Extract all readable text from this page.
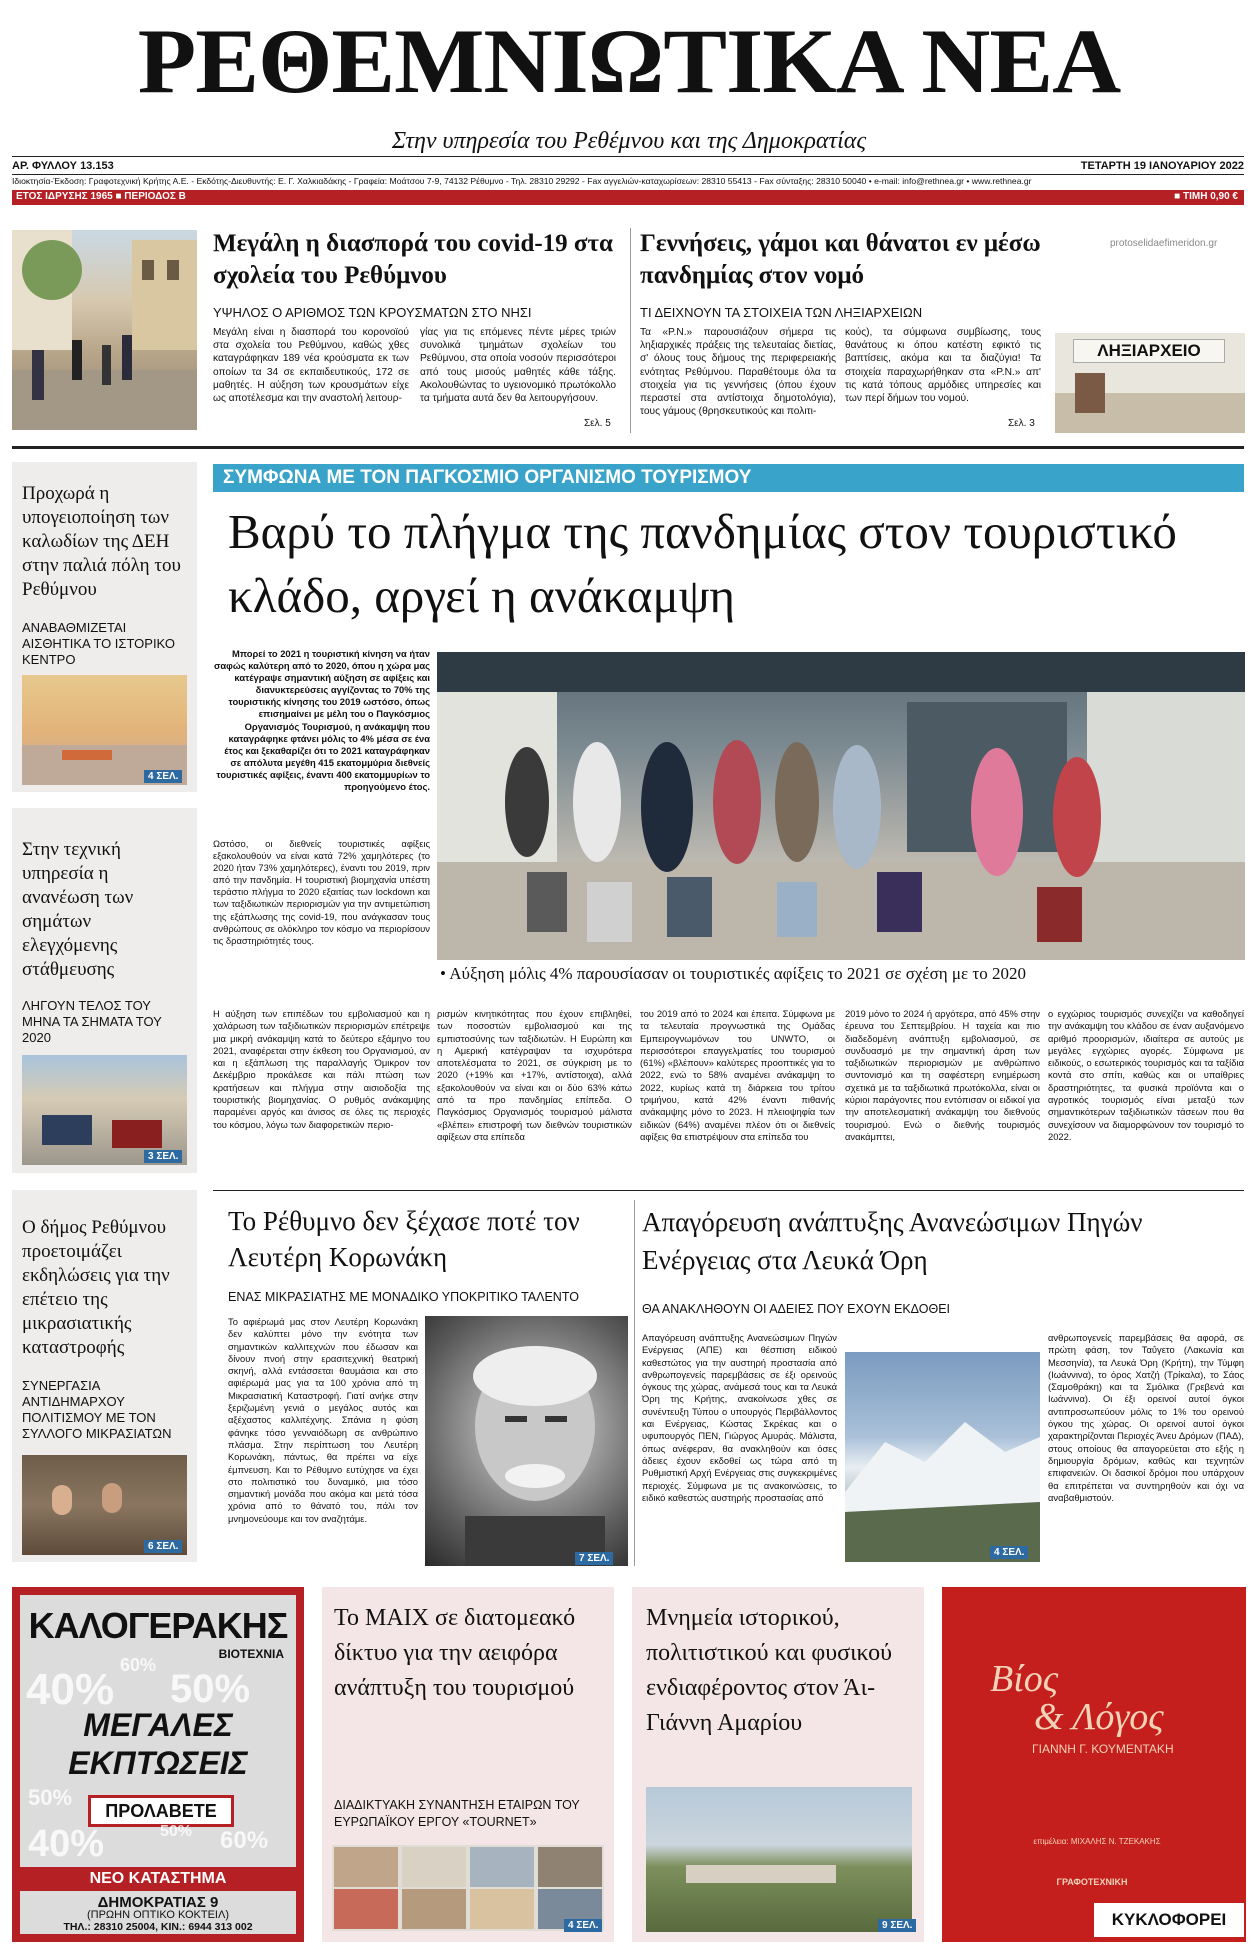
ΡΕΘΕΜΝΙΩΤΙΚΑ ΝΕΑ
Στην υπηρεσία του Ρεθέμνου και της Δημοκρατίας
ΑΡ. ΦΥΛΛΟΥ 13.153	ΤΕΤΑΡΤΗ 19 ΙΑΝΟΥΑΡΙΟΥ 2022
Ιδιοκτησία-Έκδοση: Γραφοτεχνική Κρήτης Α.Ε. - Εκδότης-Διευθυντής: Ε. Γ. Χαλκιαδάκης - Γραφεία: Μοάτσου 7-9, 74132 Ρέθυμνο - Τηλ. 28310 29292 - Fax αγγελιών-καταχωρίσεων: 28310 55413 - Fax σύνταξης: 28310 50040 • e-mail: info@rethnea.gr • www.rethnea.gr
ΕΤΟΣ ΙΔΡΥΣΗΣ 1965 ■ ΠΕΡΙΟΔΟΣ Β	■ ΤΙΜΗ 0,90 €
Μεγάλη η διασπορά του covid-19 στα σχολεία του Ρεθύμνου
ΥΨΗΛΟΣ Ο ΑΡΙΘΜΟΣ ΤΩΝ ΚΡΟΥΣΜΑΤΩΝ ΣΤΟ ΝΗΣΙ
Μεγάλη είναι η διασπορά του κορονοϊού στα σχολεία του Ρεθύμνου, καθώς χθες καταγράφηκαν 189 νέα κρούσματα εκ των οποίων τα 34 σε εκπαιδευτικούς, 172 σε μαθητές. Η αύξηση των κρουσμάτων είχε ως αποτέλεσμα και την αναστολή λειτουρ-
γίας για τις επόμενες πέντε μέρες τριών συνολικά τμημάτων σχολείων του Ρεθύμνου, στα οποία νοσούν περισσότεροι από τους μισούς μαθητές κάθε τάξης. Ακολουθώντας το υγειονομικό πρωτόκολλο τα τμήματα αυτά δεν θα λειτουργήσουν.
Σελ. 5
Γεννήσεις, γάμοι και θάνατοι εν μέσω πανδημίας στον νομό
protoselidaefimeridon.gr
ΤΙ ΔΕΙΧΝΟΥΝ ΤΑ ΣΤΟΙΧΕΙΑ ΤΩΝ ΛΗΞΙΑΡΧΕΙΩΝ
Τα «Ρ.Ν.» παρουσιάζουν σήμερα τις ληξιαρχικές πράξεις της τελευταίας διετίας, σ' όλους τους δήμους της περιφερειακής ενότητας Ρεθύμνου. Παραθέτουμε όλα τα στοιχεία για τις γεννήσεις (όπου έχουν περαστεί στα αντίστοιχα δημοτολόγια), τους γάμους (θρησκευτικούς και πολιτι-
κούς), τα σύμφωνα συμβίωσης, τους θανάτους κι όπου κατέστη εφικτό τις βαπτίσεις, ακόμα και τα διαζύγια! Τα στοιχεία παραχωρήθηκαν στα «Ρ.Ν.» απ' τις κατά τόπους αρμόδιες υπηρεσίες και των περί δήμων του νομού.
Σελ. 3
ΛΗΞΙΑΡΧΕΙΟ
Προχωρά η υπογειοποίηση των καλωδίων της ΔΕΗ στην παλιά πόλη του Ρεθύμνου
ΑΝΑΒΑΘΜΙΖΕΤΑΙ ΑΙΣΘΗΤΙΚΑ ΤΟ ΙΣΤΟΡΙΚΟ ΚΕΝΤΡΟ
4 ΣΕΛ.
Στην τεχνική υπηρεσία η ανανέωση των σημάτων ελεγχόμενης στάθμευσης
ΛΗΓΟΥΝ ΤΕΛΟΣ ΤΟΥ ΜΗΝΑ ΤΑ ΣΗΜΑΤΑ ΤΟΥ 2020
3 ΣΕΛ.
Ο δήμος Ρεθύμνου προετοιμάζει εκδηλώσεις για την επέτειο της μικρασιατικής καταστροφής
ΣΥΝΕΡΓΑΣΙΑ ΑΝΤΙΔΗΜΑΡΧΟΥ ΠΟΛΙΤΙΣΜΟΥ ΜΕ ΤΟΝ ΣΥΛΛΟΓΟ ΜΙΚΡΑΣΙΑΤΩΝ
6 ΣΕΛ.
ΣΥΜΦΩΝΑ ΜΕ ΤΟΝ ΠΑΓΚΟΣΜΙΟ ΟΡΓΑΝΙΣΜΟ ΤΟΥΡΙΣΜΟΥ
Βαρύ το πλήγμα της πανδημίας στον τουριστικό κλάδο, αργεί η ανάκαμψη
Μπορεί το 2021 η τουριστική κίνηση να ήταν σαφώς καλύτερη από το 2020, όπου η χώρα μας κατέγραψε σημαντική αύξηση σε αφίξεις και διανυκτερεύσεις αγγίζοντας το 70% της τουριστικής κίνησης του 2019 ωστόσο, όπως επισημαίνει με μέλη του ο Παγκόσμιος Οργανισμός Τουρισμού, η ανάκαμψη που καταγράφηκε φτάνει μόλις το 4% μέσα σε ένα έτος και ξεκαθαρίζει ότι το 2021 καταγράφηκαν σε απόλυτα μεγέθη 415 εκατομμύρια διεθνείς τουριστικές αφίξεις, έναντι 400 εκατομμυρίων το προηγούμενο έτος.
Ωστόσο, οι διεθνείς τουριστικές αφίξεις εξακολουθούν να είναι κατά 72% χαμηλότερες (το 2020 ήταν 73% χαμηλότερες), έναντι του 2019, πριν από την πανδημία. Η τουριστική βιομηχανία υπέστη τεράστιο πλήγμα το 2020 εξαιτίας των lockdown και των ταξιδιωτικών περιορισμών για την αντιμετώπιση της εξάπλωσης της covid-19, που ανάγκασαν τους ανθρώπους σε ολόκληρο τον κόσμο να περιορίσουν τις δραστηριότητές τους.
• Αύξηση μόλις 4% παρουσίασαν οι τουριστικές αφίξεις το 2021 σε σχέση με το 2020
Η αύξηση των επιπέδων του εμβολιασμού και η χαλάρωση των ταξιδιωτικών περιορισμών επέτρεψε μια μικρή ανάκαμψη κατά το δεύτερο εξάμηνο του 2021, αναφέρεται στην έκθεση του Οργανισμού, αν και η εξάπλωση της παραλλαγής Όμικρον τον Δεκέμβριο προκάλεσε και πάλι πτώση των κρατήσεων και πλήγμα στην αισιοδοξία της τουριστικής βιομηχανίας. Ο ρυθμός ανάκαμψης παραμένει αργός και άνισος σε όλες τις περιοχές του κόσμου, λόγω των διαφορετικών περιο-
ρισμών κινητικότητας που έχουν επιβληθεί, των ποσοστών εμβολιασμού και της εμπιστοσύνης των ταξιδιωτών. Η Ευρώπη και η Αμερική κατέγραψαν τα ισχυρότερα αποτελέσματα το 2021, σε σύγκριση με το 2020 (+19% και +17%, αντίστοιχα), αλλά εξακολουθούν να είναι και οι δύο 63% κάτω από τα προ πανδημίας επίπεδα. Ο Παγκόσμιος Οργανισμός τουρισμού μάλιστα «βλέπει» επιστροφή των διεθνών τουριστικών αφίξεων στα επίπεδα
του 2019 από το 2024 και έπειτα. Σύμφωνα με τα τελευταία προγνωστικά της Ομάδας Εμπειρογνωμόνων του UNWTO, οι περισσότεροι επαγγελματίες του τουρισμού (61%) «βλέπουν» καλύτερες προοπτικές για το 2022, ενώ το 58% αναμένει ανάκαμψη το 2022, κυρίως κατά τη διάρκεια του τρίτου τριμήνου, κατά 42% έναντι πιθανής ανάκαμψης μόνο το 2023. Η πλειοψηφία των ειδικών (64%) αναμένει πλέον ότι οι διεθνείς αφίξεις θα επιστρέψουν στα επίπεδα του
2019 μόνο το 2024 ή αργότερα, από 45% στην έρευνα του Σεπτεμβρίου. Η ταχεία και πιο διαδεδομένη ανάπτυξη εμβολιασμού, σε συνδυασμό με την σημαντική άρση των ταξιδιωτικών περιορισμών με ανθρώπινο συντονισμό και τη σαφέστερη ενημέρωση σχετικά με τα ταξιδιωτικά πρωτόκολλα, είναι οι κύριοι παράγοντες που εντόπισαν οι ειδικοί για την αποτελεσματική ανάκαμψη του διεθνούς τουρισμού. Ενώ ο διεθνής τουρισμός ανακάμπτει,
ο εγχώριος τουρισμός συνεχίζει να καθοδηγεί την ανάκαμψη του κλάδου σε έναν αυξανόμενο αριθμό προορισμών, ιδιαίτερα σε αυτούς με μεγάλες εγχώριες αγορές. Σύμφωνα με ειδικούς, ο εσωτερικός τουρισμός και τα ταξίδια κοντά στο σπίτι, καθώς και οι υπαίθριες δραστηριότητες, τα φυσικά προϊόντα και ο αγροτικός τουρισμός είναι μεταξύ των σημαντικότερων ταξιδιωτικών τάσεων που θα συνεχίσουν να διαμορφώνουν τον τουρισμό το 2022.
Το Ρέθυμνο δεν ξέχασε ποτέ τον Λευτέρη Κορωνάκη
ΕΝΑΣ ΜΙΚΡΑΣΙΑΤΗΣ ΜΕ ΜΟΝΑΔΙΚΟ ΥΠΟΚΡΙΤΙΚΟ ΤΑΛΕΝΤΟ
Το αφιέρωμά μας στον Λευτέρη Κορωνάκη δεν καλύπτει μόνο την ενότητα των σημαντικών καλλιτεχνών που έδωσαν και δίνουν πνοή στην ερασιτεχνική θεατρική σκηνή, αλλά εντάσσεται θαυμάσια και στο αφιέρωμά μας για τα 100 χρόνια από τη Μικρασιατική Καταστροφή. Γιατί ανήκε στην ξεριζωμένη γενιά ο μεγάλος αυτός και αξέχαστος καλλιτέχνης. Σπάνια η φύση φάνηκε τόσο γενναιόδωρη σε ανθρώπινο πλάσμα. Στην περίπτωση του Λευτέρη Κορωνάκη, πάντως, θα πρέπει να είχε έμπνευση. Και το Ρέθυμνο ευτύχησε να έχει στο πολιτιστικό του δυναμικό, μια τόσο σημαντική μονάδα που ακόμα και μετά τόσα χρόνια από το θάνατό του, πάλι τον μνημονεύουμε και τον αναζητάμε.
7 ΣΕΛ.
Απαγόρευση ανάπτυξης Ανανεώσιμων Πηγών Ενέργειας στα Λευκά Όρη
ΘΑ ΑΝΑΚΛΗΘΟΥΝ ΟΙ ΑΔΕΙΕΣ ΠΟΥ ΕΧΟΥΝ ΕΚΔΟΘΕΙ
Απαγόρευση ανάπτυξης Ανανεώσιμων Πηγών Ενέργειας (ΑΠΕ) και θέσπιση ειδικού καθεστώτος για την αυστηρή προστασία από ανθρωπογενείς παρεμβάσεις σε έξι ορεινούς όγκους της χώρας, ανάμεσά τους και τα Λευκά Όρη της Κρήτης, ανακοίνωσε χθες σε συνέντευξη Τύπου ο υπουργός Περιβάλλοντος και Ενέργειας, Κώστας Σκρέκας και ο υφυπουργός ΠΕΝ, Γιώργος Αμυράς. Μάλιστα, όπως ανέφεραν, θα ανακληθούν και όσες άδειες έχουν εκδοθεί ως τώρα από τη Ρυθμιστική Αρχή Ενέργειας στις συγκεκριμένες περιοχές. Σύμφωνα με τις ανακοινώσεις, το ειδικό καθεστώς αυστηρής προστασίας από
4 ΣΕΛ.
ανθρωπογενείς παρεμβάσεις θα αφορά, σε πρώτη φάση, τον Ταΰγετο (Λακωνία και Μεσσηνία), τα Λευκά Όρη (Κρήτη), την Τύμφη (Ιωάννινα), το όρος Χατζή (Τρίκαλα), το Σάος (Σαμοθράκη) και τα Σμόλικα (Γρεβενά και Ιωάννινα). Οι έξι ορεινοί αυτοί όγκοι αντιπροσωπεύουν μόλις το 1% του ορεινού όγκου της χώρας. Οι ορεινοί αυτοί όγκοι χαρακτηρίζονται Περιοχές Άνευ Δρόμων (ΠΑΔ), στους οποίους θα απαγορεύεται στο εξής η δημιουργία δρόμων, καθώς και τεχνητών επιφανειών. Οι δασικοί δρόμοι που υπάρχουν θα επιτρέπεται να συντηρηθούν και όχι να αναβαθμιστούν.
ΚΑΛΟΓΕΡΑΚΗΣ
ΒΙΟΤΕΧΝΙΑ
40% 50%
60%
ΜΕΓΑΛΕΣ
ΕΚΠΤΩΣΕΙΣ
50%
ΠΡΟΛΑΒΕΤΕ
40%	60%
50%
ΝΕΟ ΚΑΤΑΣΤΗΜΑ
ΔΗΜΟΚΡΑΤΙΑΣ 9
(ΠΡΩΗΝ ΟΠΤΙΚΟ ΚΟΚΤΕΙΛ)
ΤΗΛ.: 28310 25004, ΚΙΝ.: 6944 313 002
Το ΜΑΙΧ σε διατομεακό δίκτυο για την αειφόρα ανάπτυξη του τουρισμού
ΔΙΑΔΙΚΤΥΑΚΗ ΣΥΝΑΝΤΗΣΗ ΕΤΑΙΡΩΝ ΤΟΥ ΕΥΡΩΠΑΪΚΟΥ ΕΡΓΟΥ «TOURNET»
4 ΣΕΛ.
Μνημεία ιστορικού, πολιτιστικού και φυσικού ενδιαφέροντος στον Άι-Γιάννη Αμαρίου
9 ΣΕΛ.
Βίος
& Λόγος
ΓΙΑΝΝΗ Γ. ΚΟΥΜΕΝΤΑΚΗ
επιμέλεια: ΜΙΧΑΛΗΣ Ν. ΤΖΕΚΑΚΗΣ
ΓΡΑΦΟΤΕΧΝΙΚΗ
ΚΥΚΛΟΦΟΡΕΙ
